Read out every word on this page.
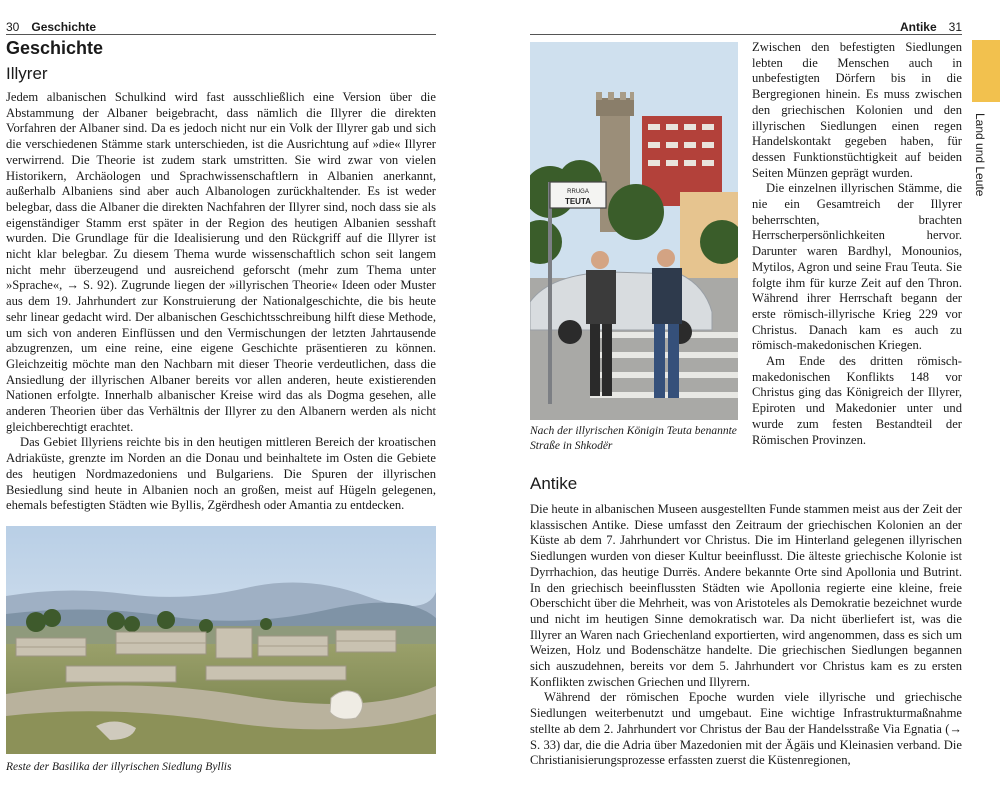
30 Geschichte
Geschichte
Illyrer

Jedem albanischen Schulkind wird fast ausschließlich eine Version über die Abstammung der Albaner beigebracht, dass nämlich die Illyrer die direkten Vorfahren der Albaner sind. Da es jedoch nicht nur ein Volk der Illyrer gab und sich die verschiedenen Stämme stark unterschieden, ist die Ausrichtung auf »die« Illyrer verwirrend. Die Theorie ist zudem stark umstritten. Sie wird zwar von vielen Historikern, Archäologen und Sprachwissenschaftlern in Albanien anerkannt, außerhalb Albaniens sind aber auch Albanologen zurückhaltender. Es ist weder belegbar, dass die Albaner die direkten Nachfahren der Illyrer sind, noch dass sie als eigenständiger Stamm erst später in der Region des heutigen Albanien sesshaft wurden. Die Grundlage für die Idealisierung und den Rückgriff auf die Illyrer ist nicht klar belegbar. Zu diesem Thema wurde wissenschaftlich schon seit langem nicht mehr überzeugend und ausreichend geforscht (mehr zum Thema unter »Sprache«, → S. 92). Zugrunde liegen der »illyrischen Theorie« Ideen oder Muster aus dem 19. Jahrhundert zur Konstruierung der Nationalgeschichte, die bis heute sehr linear gedacht wird. Der albanischen Geschichtsschreibung hilft diese Methode, um sich von anderen Einflüssen und den Vermischungen der letzten Jahrtausende abzugrenzen, um eine reine, eine eigene Geschichte präsentieren zu können. Gleichzeitig möchte man den Nachbarn mit dieser Theorie verdeutlichen, dass die Ansiedlung der illyrischen Albaner bereits vor allen anderen, heute existierenden Nationen erfolgte. Innerhalb albanischer Kreise wird das als Dogma gesehen, alle anderen Theorien über das Verhältnis der Illyrer zu den Albanern werden als nicht gleichberechtigt erachtet.

Das Gebiet Illyriens reichte bis in den heutigen mittleren Bereich der kroatischen Adriaküste, grenzte im Norden an die Donau und beinhaltete im Osten die Gebiete des heutigen Nordmazedoniens und Bulgariens. Die Spuren der illyrischen Besiedlung sind heute in Albanien noch an großen, meist auf Hügeln gelegenen, ehemals befestigten Städten wie Byllis, Zgërdhesh oder Amantia zu entdecken.

Reste der Basilika der illyrischen Siedlung Byllis

Antike 31
RRUGA
TEUTA

Nach der illyrischen Königin Teuta benannte Straße in Shkodër

Zwischen den befestigten Siedlungen lebten die Menschen auch in unbefestigten Dörfern bis in die Bergregionen hinein. Es muss zwischen den griechischen Kolonien und den illyrischen Siedlungen einen regen Handelskontakt gegeben haben, für dessen Funktionstüchtigkeit auf beiden Seiten Münzen geprägt wurden.

Die einzelnen illyrischen Stämme, die nie ein Gesamtreich der Illyrer beherrschten, brachten Herrscherpersönlichkeiten hervor. Darunter waren Bardhyl, Monounios, Mytilos, Agron und seine Frau Teuta. Sie folgte ihm für kurze Zeit auf den Thron. Während ihrer Herrschaft begann der erste römisch-illyrische Krieg 229 vor Christus. Danach kam es auch zu römisch-makedonischen Kriegen.

Am Ende des dritten römisch-makedonischen Konflikts 148 vor Christus ging das Königreich der Illyrer, Epiroten und Makedonier unter und wurde zum festen Bestandteil der Römischen Provinzen.

Antike

Die heute in albanischen Museen ausgestellten Funde stammen meist aus der Zeit der klassischen Antike. Diese umfasst den Zeitraum der griechischen Kolonien an der Küste ab dem 7. Jahrhundert vor Christus. Die im Hinterland gelegenen illyrischen Siedlungen wurden von dieser Kultur beeinflusst. Die älteste griechische Kolonie ist Dyrrhachion, das heutige Durrës. Andere bekannte Orte sind Apollonia und Butrint. In den griechisch beeinflussten Städten wie Apollonia regierte eine kleine, freie Oberschicht über die Mehrheit, was von Aristoteles als Demokratie bezeichnet wurde und nicht im heutigen Sinne demokratisch war. Da nicht überliefert ist, was die Illyrer an Waren nach Griechenland exportierten, wird angenommen, dass es sich um Weizen, Holz und Bodenschätze handelte. Die griechischen Siedlungen begannen sich auszudehnen, bereits vor dem 5. Jahrhundert vor Christus kam es zu ersten Konflikten zwischen Griechen und Illyrern.

Während der römischen Epoche wurden viele illyrische und griechische Siedlungen weiterbenutzt und umgebaut. Eine wichtige Infrastrukturmaßnahme stellte ab dem 2. Jahrhundert vor Christus der Bau der Handelsstraße Via Egnatia (→ S. 33) dar, die die Adria über Mazedonien mit der Ägäis und Kleinasien verband. Die Christianisierungsprozesse erfassten zuerst die Küstenregionen,

Land und Leute
